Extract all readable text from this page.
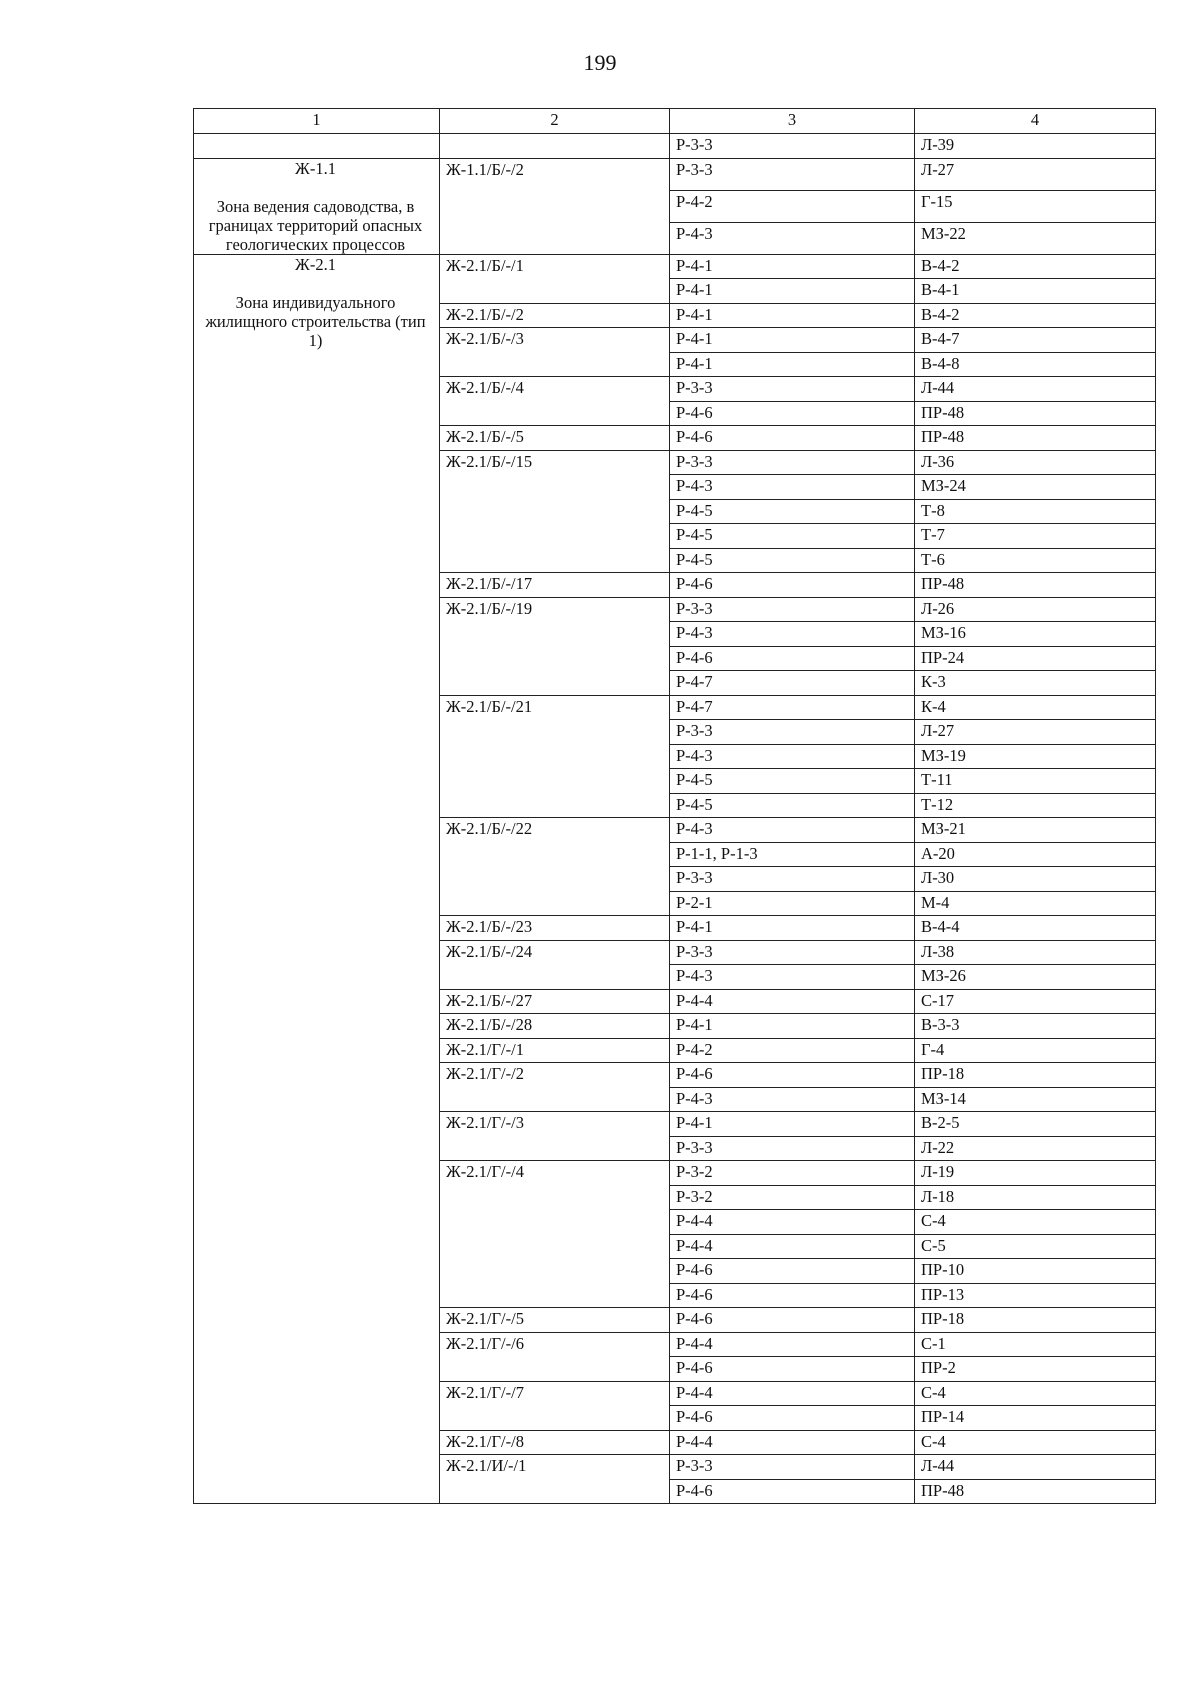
199
1	2	3	4

		Р-3-3	Л-39

Ж-1.1
Зона ведения садоводства, в границах территорий опасных геологических процессов	Ж-1.1/Б/-/2	Р-3-3	Л-27
		Р-4-2	Г-15
		Р-4-3	МЗ-22

Ж-2.1
Зона индивидуального жилищного строительства (тип 1)	Ж-2.1/Б/-/1	Р-4-1	В-4-2
		Р-4-1	В-4-1
	Ж-2.1/Б/-/2	Р-4-1	В-4-2
	Ж-2.1/Б/-/3	Р-4-1	В-4-7
		Р-4-1	В-4-8
	Ж-2.1/Б/-/4	Р-3-3	Л-44
		Р-4-6	ПР-48
	Ж-2.1/Б/-/5	Р-4-6	ПР-48
	Ж-2.1/Б/-/15	Р-3-3	Л-36
		Р-4-3	МЗ-24
		Р-4-5	Т-8
		Р-4-5	Т-7
		Р-4-5	Т-6
	Ж-2.1/Б/-/17	Р-4-6	ПР-48
	Ж-2.1/Б/-/19	Р-3-3	Л-26
		Р-4-3	МЗ-16
		Р-4-6	ПР-24
		Р-4-7	К-3
	Ж-2.1/Б/-/21	Р-4-7	К-4
		Р-3-3	Л-27
		Р-4-3	МЗ-19
		Р-4-5	Т-11
		Р-4-5	Т-12
	Ж-2.1/Б/-/22	Р-4-3	МЗ-21
		Р-1-1, Р-1-3	А-20
		Р-3-3	Л-30
		Р-2-1	М-4
	Ж-2.1/Б/-/23	Р-4-1	В-4-4
	Ж-2.1/Б/-/24	Р-3-3	Л-38
		Р-4-3	МЗ-26
	Ж-2.1/Б/-/27	Р-4-4	С-17
	Ж-2.1/Б/-/28	Р-4-1	В-3-3
	Ж-2.1/Г/-/1	Р-4-2	Г-4
	Ж-2.1/Г/-/2	Р-4-6	ПР-18
		Р-4-3	МЗ-14
	Ж-2.1/Г/-/3	Р-4-1	В-2-5
		Р-3-3	Л-22
	Ж-2.1/Г/-/4	Р-3-2	Л-19
		Р-3-2	Л-18
		Р-4-4	С-4
		Р-4-4	С-5
		Р-4-6	ПР-10
		Р-4-6	ПР-13
	Ж-2.1/Г/-/5	Р-4-6	ПР-18
	Ж-2.1/Г/-/6	Р-4-4	С-1
		Р-4-6	ПР-2
	Ж-2.1/Г/-/7	Р-4-4	С-4
		Р-4-6	ПР-14
	Ж-2.1/Г/-/8	Р-4-4	С-4
	Ж-2.1/И/-/1	Р-3-3	Л-44
		Р-4-6	ПР-48
